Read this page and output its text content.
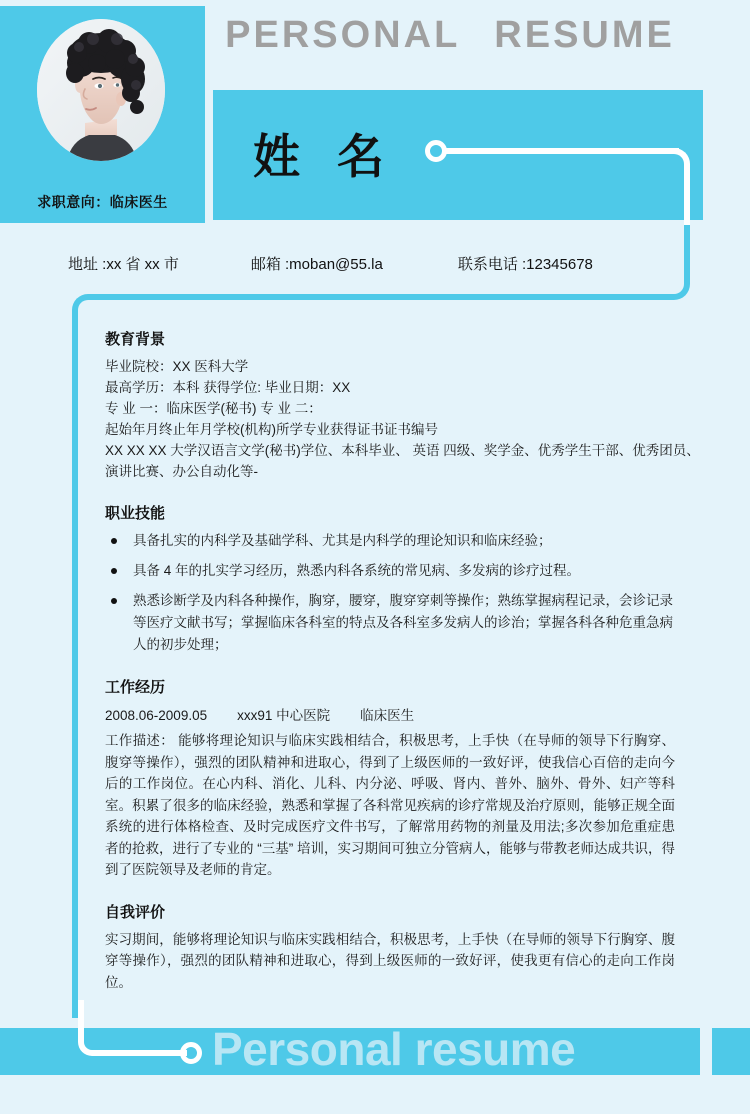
PERSONAL RESUME
求职意向：临床医生
姓 名
地址 :xx 省 xx 市	邮箱 :moban@55.la	联系电话 :12345678
教育背景
毕业院校：XX 医科大学
最高学历：本科 获得学位: 毕业日期：XX
专 业 一：临床医学(秘书) 专 业 二：
起始年月终止年月学校(机构)所学专业获得证书证书编号
XX XX XX 大学汉语言文学(秘书)学位、本科毕业、 英语 四级、奖学金、优秀学生干部、优秀团员、
演讲比赛、办公自动化等-
职业技能
具备扎实的内科学及基础学科、尤其是内科学的理论知识和临床经验；
具备 4 年的扎实学习经历，熟悉内科各系统的常见病、多发病的诊疗过程。
熟悉诊断学及内科各种操作，胸穿，腰穿，腹穿穿刺等操作；熟练掌握病程记录，会诊记录等医疗文献书写；掌握临床各科室的特点及各科室多发病人的诊治；掌握各科各种危重急病人的初步处理；
工作经历
2008.06-2009.05 xxx91 中心医院 临床医生
工作描述： 能够将理论知识与临床实践相结合，积极思考，上手快（在导师的领导下行胸穿、腹穿等操作），强烈的团队精神和进取心，得到了上级医师的一致好评，使我信心百倍的走向今后的工作岗位。在心内科、消化、儿科、内分泌、呼吸、肾内、普外、脑外、骨外、妇产等科室。积累了很多的临床经验，熟悉和掌握了各科常见疾病的诊疗常规及治疗原则，能够正规全面系统的进行体格检查、及时完成医疗文件书写，了解常用药物的剂量及用法;多次参加危重症患者的抢救，进行了专业的 “三基” 培训，实习期间可独立分管病人，能够与带教老师达成共识，得到了医院领导及老师的肯定。
自我评价
实习期间，能够将理论知识与临床实践相结合，积极思考，上手快（在导师的领导下行胸穿、腹穿等操作），强烈的团队精神和进取心，得到上级医师的一致好评，使我更有信心的走向工作岗位。
Personal resume
